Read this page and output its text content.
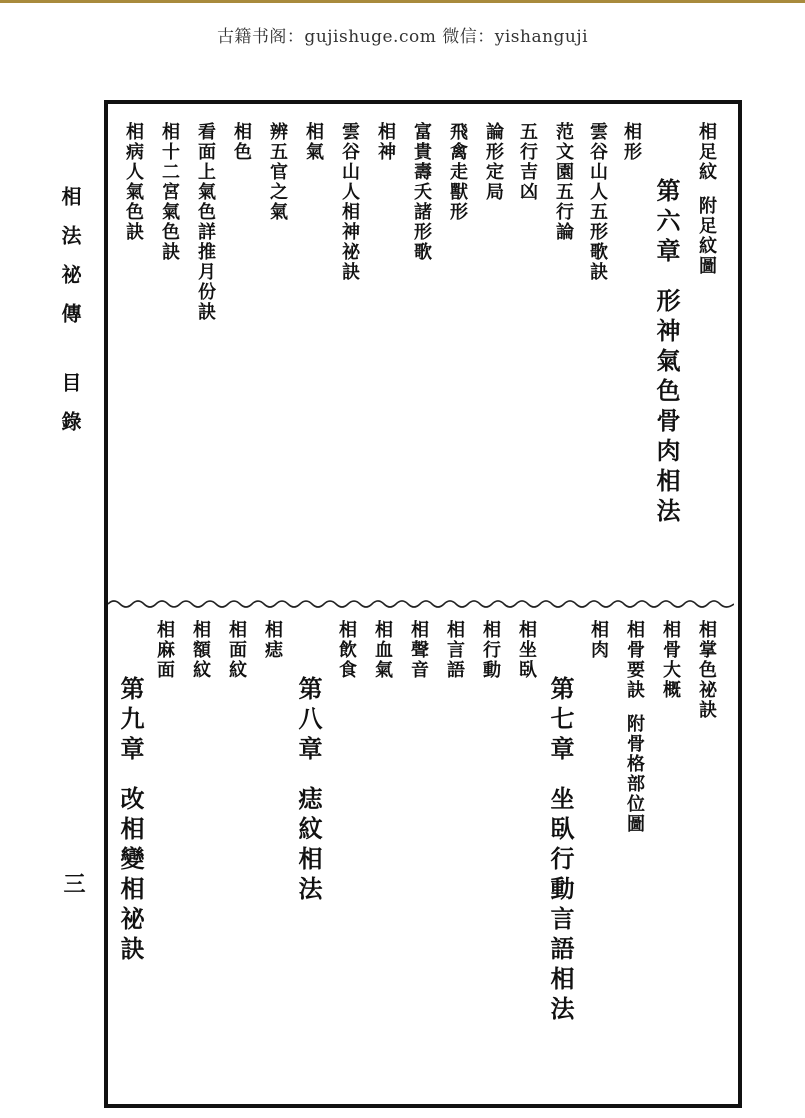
古籍书阁：gujishuge.com 微信：yishanguji
相法祕傳目錄
三
相足紋附足紋圖
第六章形神氣色骨肉相法
相形
雲谷山人五形歌訣
范文園五行論
五行吉凶
論形定局
飛禽走獸形
富貴壽夭諸形歌
相神
雲谷山人相神祕訣
相氣
辨五官之氣
相色
看面上氣色詳推月份訣
相十二宮氣色訣
相病人氣色訣
相掌色祕訣
相骨大概
相骨要訣附骨格部位圖
相肉
第七章坐臥行動言語相法
相坐臥
相行動
相言語
相聲音
相血氣
相飲食
第八章痣紋相法
相痣
相面紋
相額紋
相麻面
第九章改相變相祕訣
